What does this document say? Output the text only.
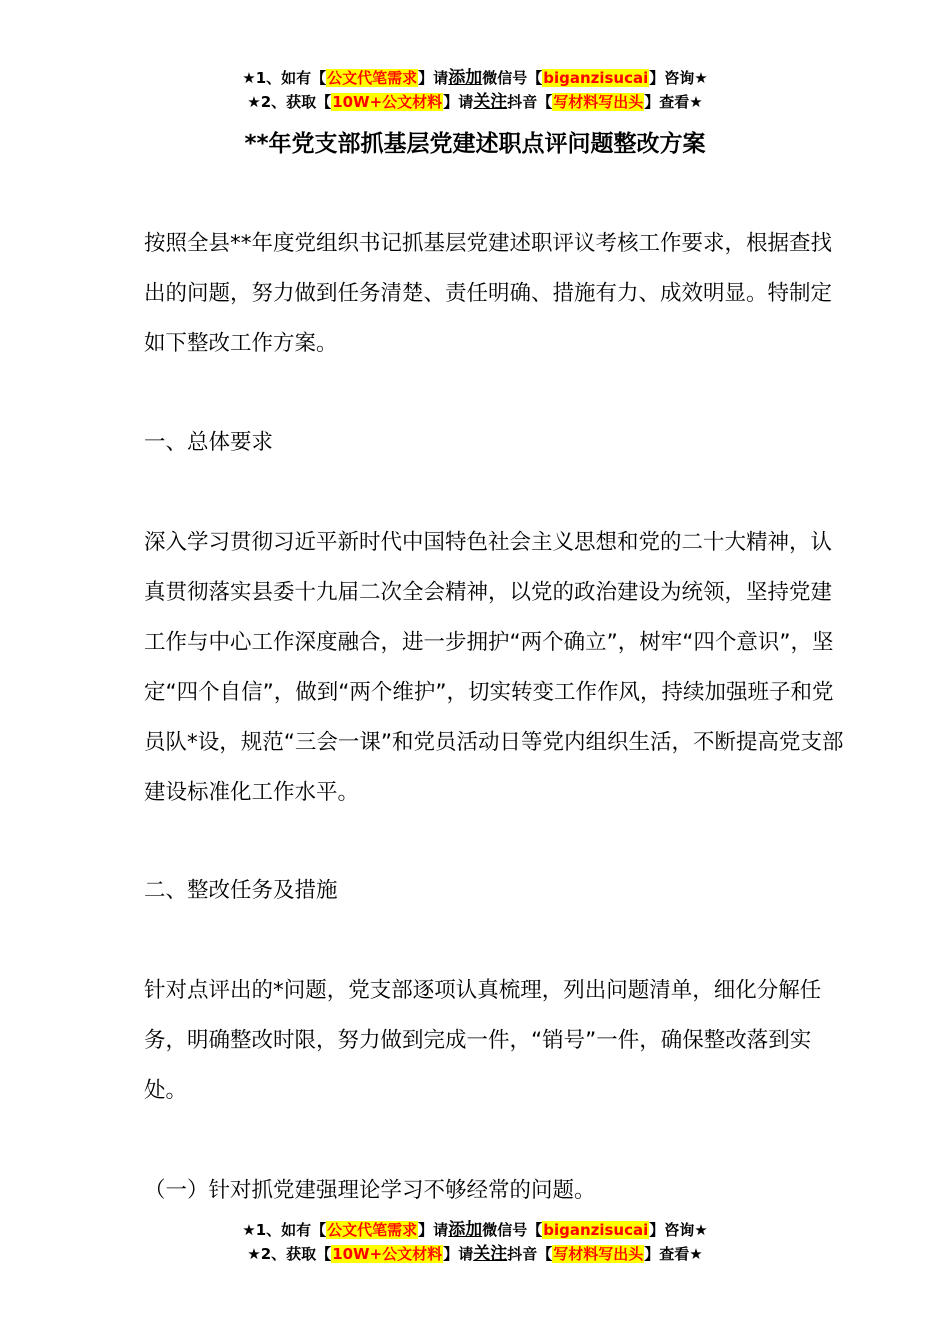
★1、如有【公文代笔需求】请添加微信号【biganzisucai】咨询★
★2、获取【10W+公文材料】请关注抖音【写材料写出头】查看★
**年党支部抓基层党建述职点评问题整改方案

按照全县**年度党组织书记抓基层党建述职评议考核工作要求，根据查找出的问题，努力做到任务清楚、责任明确、措施有力、成效明显。特制定如下整改工作方案。

一、总体要求

深入学习贯彻习近平新时代中国特色社会主义思想和党的二十大精神，认真贯彻落实县委十九届二次全会精神，以党的政治建设为统领，坚持党建工作与中心工作深度融合，进一步拥护“两个确立”，树牢“四个意识”，坚定“四个自信”，做到“两个维护”，切实转变工作作风，持续加强班子和党员队*设，规范“三会一课”和党员活动日等党内组织生活，不断提高党支部建设标准化工作水平。

二、整改任务及措施

针对点评出的*问题，党支部逐项认真梳理，列出问题清单，细化分解任务，明确整改时限，努力做到完成一件，“销号”一件，确保整改落到实处。

（一）针对抓党建强理论学习不够经常的问题。

★1、如有【公文代笔需求】请添加微信号【biganzisucai】咨询★
★2、获取【10W+公文材料】请关注抖音【写材料写出头】查看★
